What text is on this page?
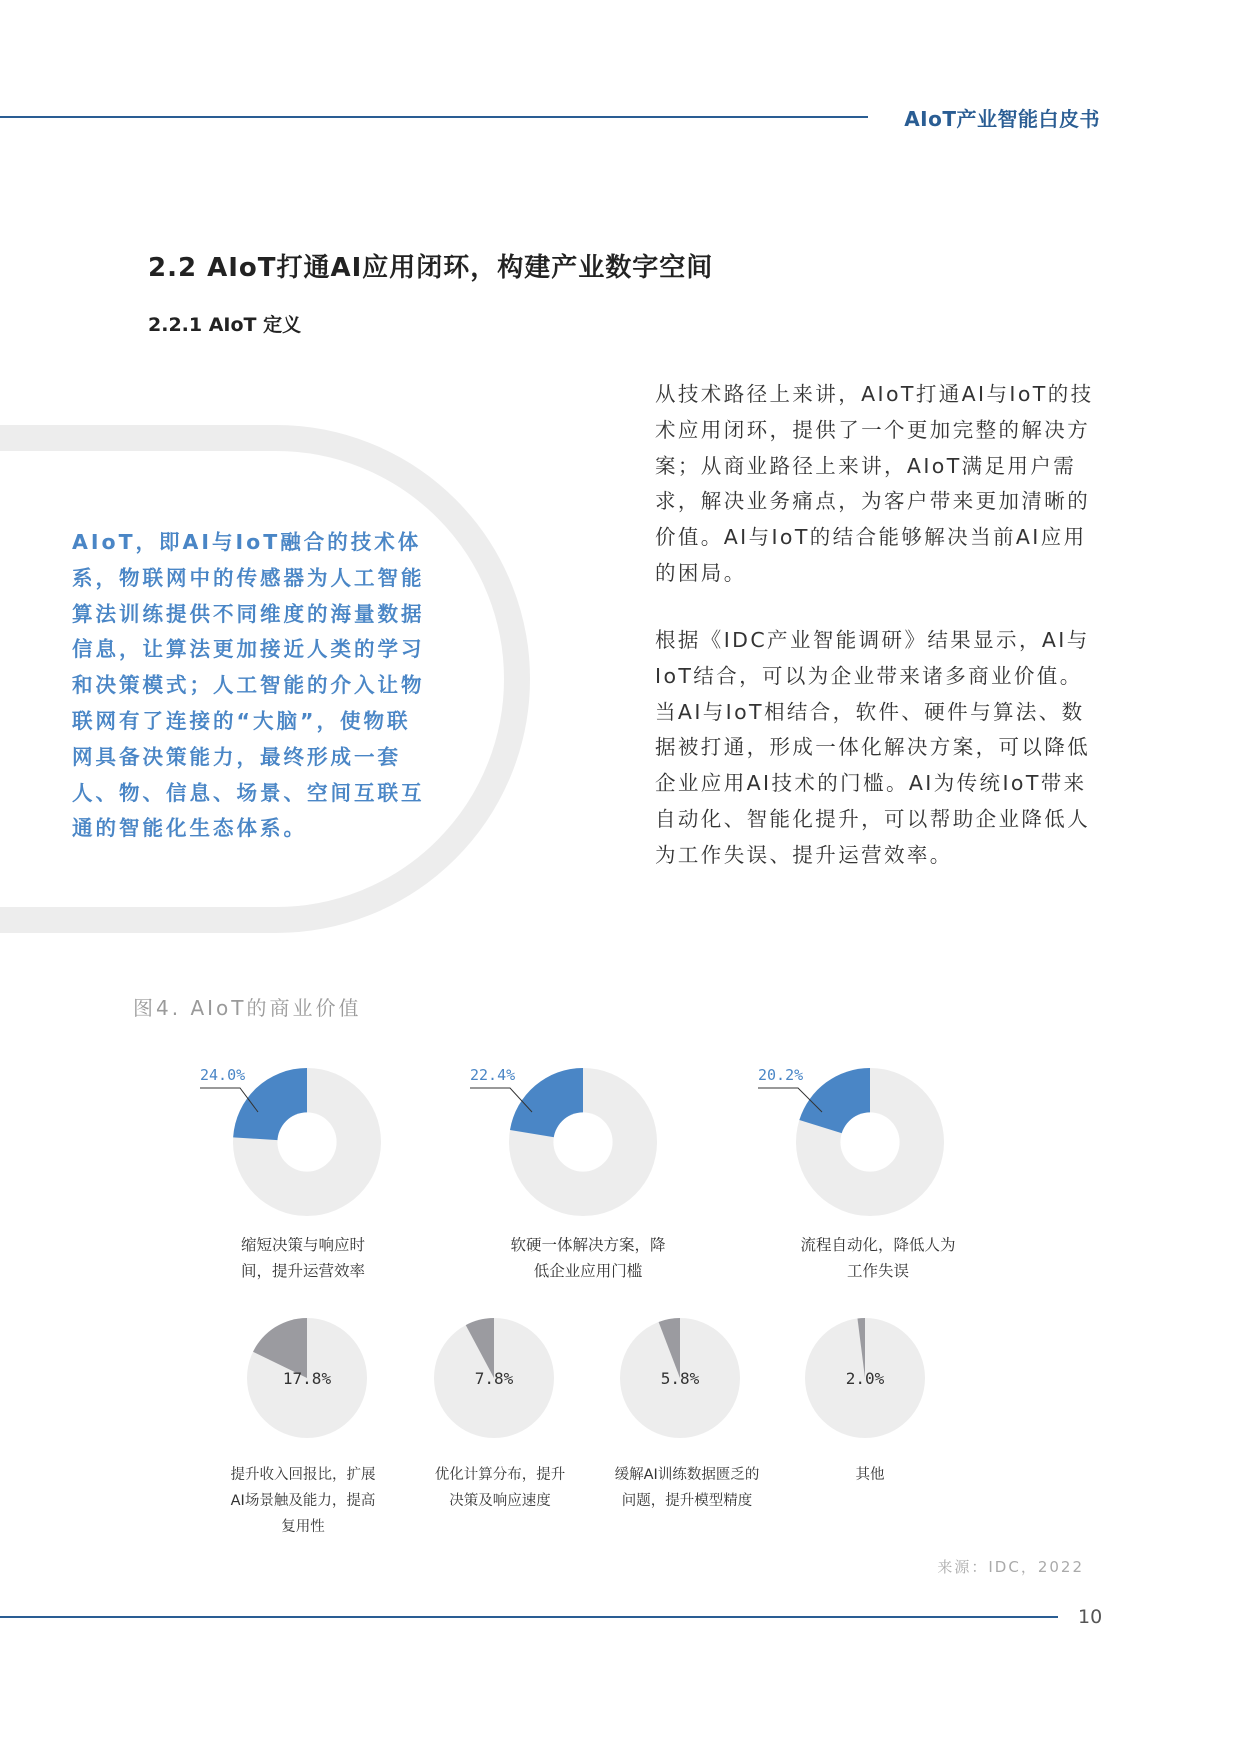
AIoT产业智能白皮书
2.2 AIoT打通AI应用闭环，构建产业数字空间
2.2.1 AIoT 定义

AIoT，即AI与IoT融合的技术体系，物联网中的传感器为人工智能算法训练提供不同维度的海量数据信息，让算法更加接近人类的学习和决策模式；人工智能的介入让物联网有了连接的“大脑”，使物联网具备决策能力，最终形成一套人、物、信息、场景、空间互联互通的智能化生态体系。

从技术路径上来讲，AIoT打通AI与IoT的技术应用闭环，提供了一个更加完整的解决方案；从商业路径上来讲，AIoT满足用户需求，解决业务痛点，为客户带来更加清晰的价值。AI与IoT的结合能够解决当前AI应用的困局。

根据《IDC产业智能调研》结果显示，AI与IoT结合，可以为企业带来诸多商业价值。当AI与IoT相结合，软件、硬件与算法、数据被打通，形成一体化解决方案，可以降低企业应用AI技术的门槛。AI为传统IoT带来自动化、智能化提升，可以帮助企业降低人为工作失误、提升运营效率。

图4. AIoT的商业价值
24.0%	22.4%	20.2%
17.8%	7.8%	5.8%	2.0%

缩短决策与响应时
间，提升运营效率

软硬一体解决方案，降
低企业应用门槛

流程自动化，降低人为
工作失误

提升收入回报比，扩展
AI场景触及能力，提高
复用性

优化计算分布，提升
决策及响应速度

缓解AI训练数据匮乏的
问题，提升模型精度

其他

来源：IDC，2022
10
